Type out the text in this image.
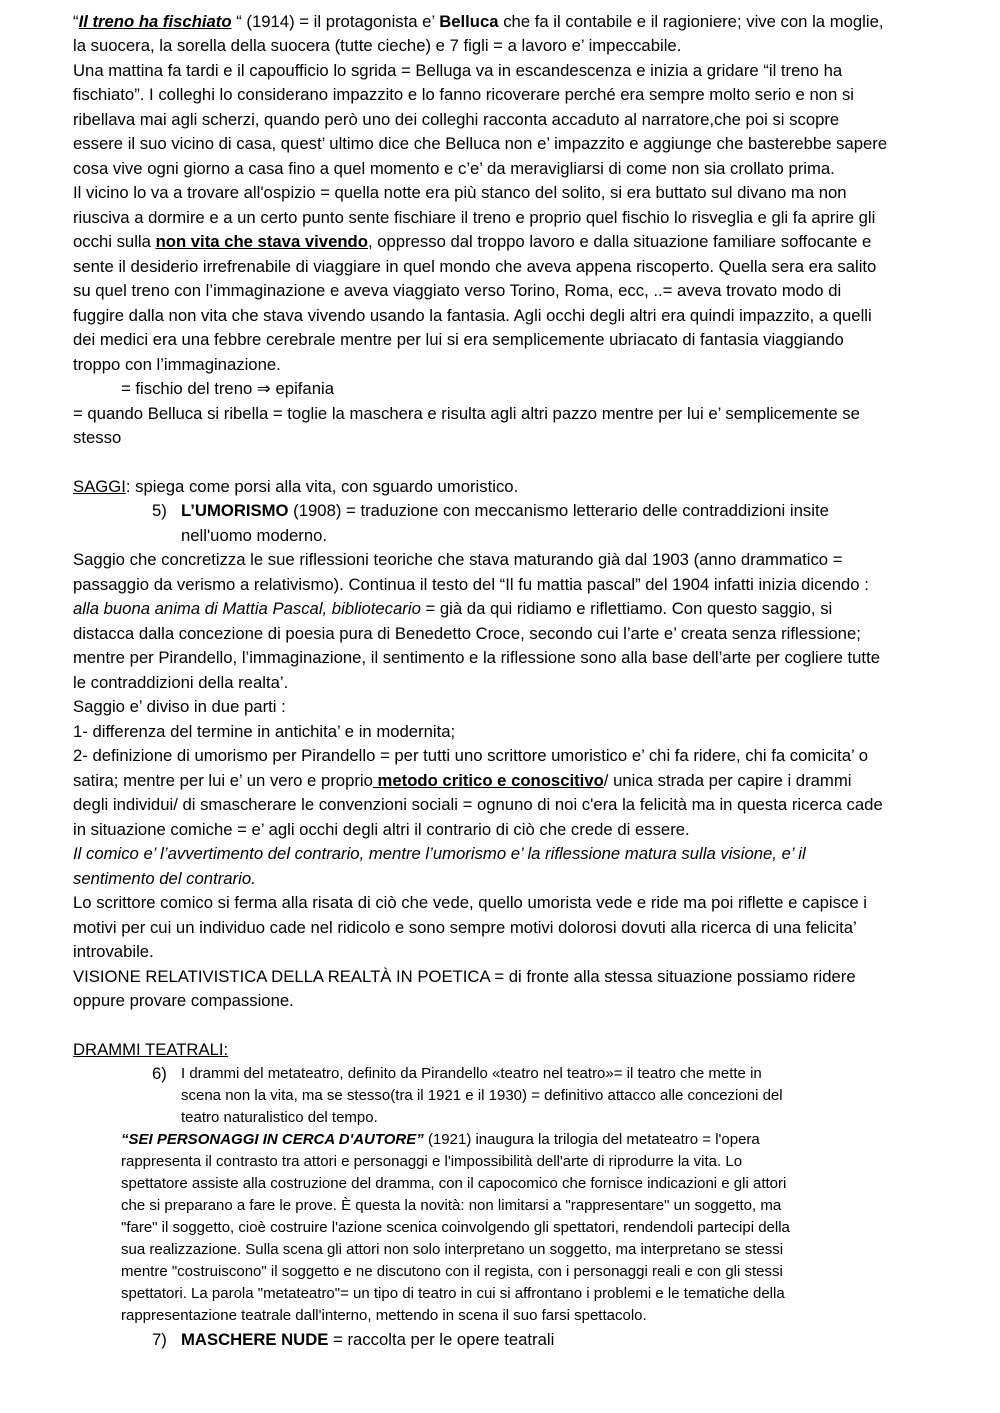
“Il treno ha fischiato “ (1914) = il protagonista e’ Belluca che fa il contabile e il ragioniere; vive con la moglie,
la suocera, la sorella della suocera (tutte cieche) e 7 figli = a lavoro e’ impeccabile.
Una mattina fa tardi e il capoufficio lo sgrida = Belluga va in escandescenza e inizia a gridare “il treno ha
fischiato”. I colleghi lo considerano impazzito e lo fanno ricoverare perché era sempre molto serio e non si
ribellava mai agli scherzi, quando però uno dei colleghi racconta accaduto al narratore,che poi si scopre
essere il suo vicino di casa, quest’ ultimo dice che Belluca non e’ impazzito e aggiunge che basterebbe sapere
cosa vive ogni giorno a casa fino a quel momento e c’e’ da meravigliarsi di come non sia crollato prima.
Il vicino lo va a trovare all'ospizio = quella notte era più stanco del solito, si era buttato sul divano ma non
riusciva a dormire e a un certo punto sente fischiare il treno e proprio quel fischio lo risveglia e gli fa aprire gli
occhi sulla non vita che stava vivendo, oppresso dal troppo lavoro e dalla situazione familiare soffocante e
sente il desiderio irrefrenabile di viaggiare in quel mondo che aveva appena riscoperto. Quella sera era salito
su quel treno con l’immaginazione e aveva viaggiato verso Torino, Roma, ecc, ..= aveva trovato modo di
fuggire dalla non vita che stava vivendo usando la fantasia. Agli occhi degli altri era quindi impazzito, a quelli
dei medici era una febbre cerebrale mentre per lui si era semplicemente ubriacato di fantasia viaggiando
troppo con l’immaginazione.
= fischio del treno ⇒ epifania
= quando Belluca si ribella = toglie la maschera e risulta agli altri pazzo mentre per lui e’ semplicemente se
stesso
SAGGI: spiega come porsi alla vita, con sguardo umoristico.
5) L’UMORISMO (1908) = traduzione con meccanismo letterario delle contraddizioni insite
nell'uomo moderno.
Saggio che concretizza le sue riflessioni teoriche che stava maturando già dal 1903 (anno drammatico =
passaggio da verismo a relativismo). Continua il testo del “Il fu mattia pascal” del 1904 infatti inizia dicendo :
alla buona anima di Mattia Pascal, bibliotecario = già da qui ridiamo e riflettiamo. Con questo saggio, si
distacca dalla concezione di poesia pura di Benedetto Croce, secondo cui l’arte e’ creata senza riflessione;
mentre per Pirandello, l’immaginazione, il sentimento e la riflessione sono alla base dell’arte per cogliere tutte
le contraddizioni della realta’.
Saggio e’ diviso in due parti :
1- differenza del termine in antichita’ e in modernita;
2- definizione di umorismo per Pirandello = per tutti uno scrittore umoristico e’ chi fa ridere, chi fa comicita’ o
satira; mentre per lui e’ un vero e proprio metodo critico e conoscitivo/ unica strada per capire i drammi
degli individui/ di smascherare le convenzioni sociali = ognuno di noi c'era la felicità ma in questa ricerca cade
in situazione comiche = e’ agli occhi degli altri il contrario di ciò che crede di essere.
Il comico e’ l’avvertimento del contrario, mentre l’umorismo e’ la riflessione matura sulla visione, e’ il
sentimento del contrario.
Lo scrittore comico si ferma alla risata di ciò che vede, quello umorista vede e ride ma poi riflette e capisce i
motivi per cui un individuo cade nel ridicolo e sono sempre motivi dolorosi dovuti alla ricerca di una felicita’
introvabile.
VISIONE RELATIVISTICA DELLA REALTÀ IN POETICA = di fronte alla stessa situazione possiamo ridere
oppure provare compassione.
DRAMMI TEATRALI:
6) I drammi del metateatro, definito da Pirandello «teatro nel teatro»= il teatro che mette in
scena non la vita, ma se stesso(tra il 1921 e il 1930) = definitivo attacco alle concezioni del
teatro naturalistico del tempo.
“SEI PERSONAGGI IN CERCA D'AUTORE” (1921) inaugura la trilogia del metateatro = l'opera
rappresenta il contrasto tra attori e personaggi e l'impossibilità dell'arte di riprodurre la vita. Lo
spettatore assiste alla costruzione del dramma, con il capocomico che fornisce indicazioni e gli attori
che si preparano a fare le prove. È questa la novità: non limitarsi a "rappresentare" un soggetto, ma
"fare" il soggetto, cioè costruire l'azione scenica coinvolgendo gli spettatori, rendendoli partecipi della
sua realizzazione. Sulla scena gli attori non solo interpretano un soggetto, ma interpretano se stessi
mentre "costruiscono" il soggetto e ne discutono con il regista, con i personaggi reali e con gli stessi
spettatori. La parola "metateatro"= un tipo di teatro in cui si affrontano i problemi e le tematiche della
rappresentazione teatrale dall'interno, mettendo in scena il suo farsi spettacolo.
7) MASCHERE NUDE = raccolta per le opere teatrali
